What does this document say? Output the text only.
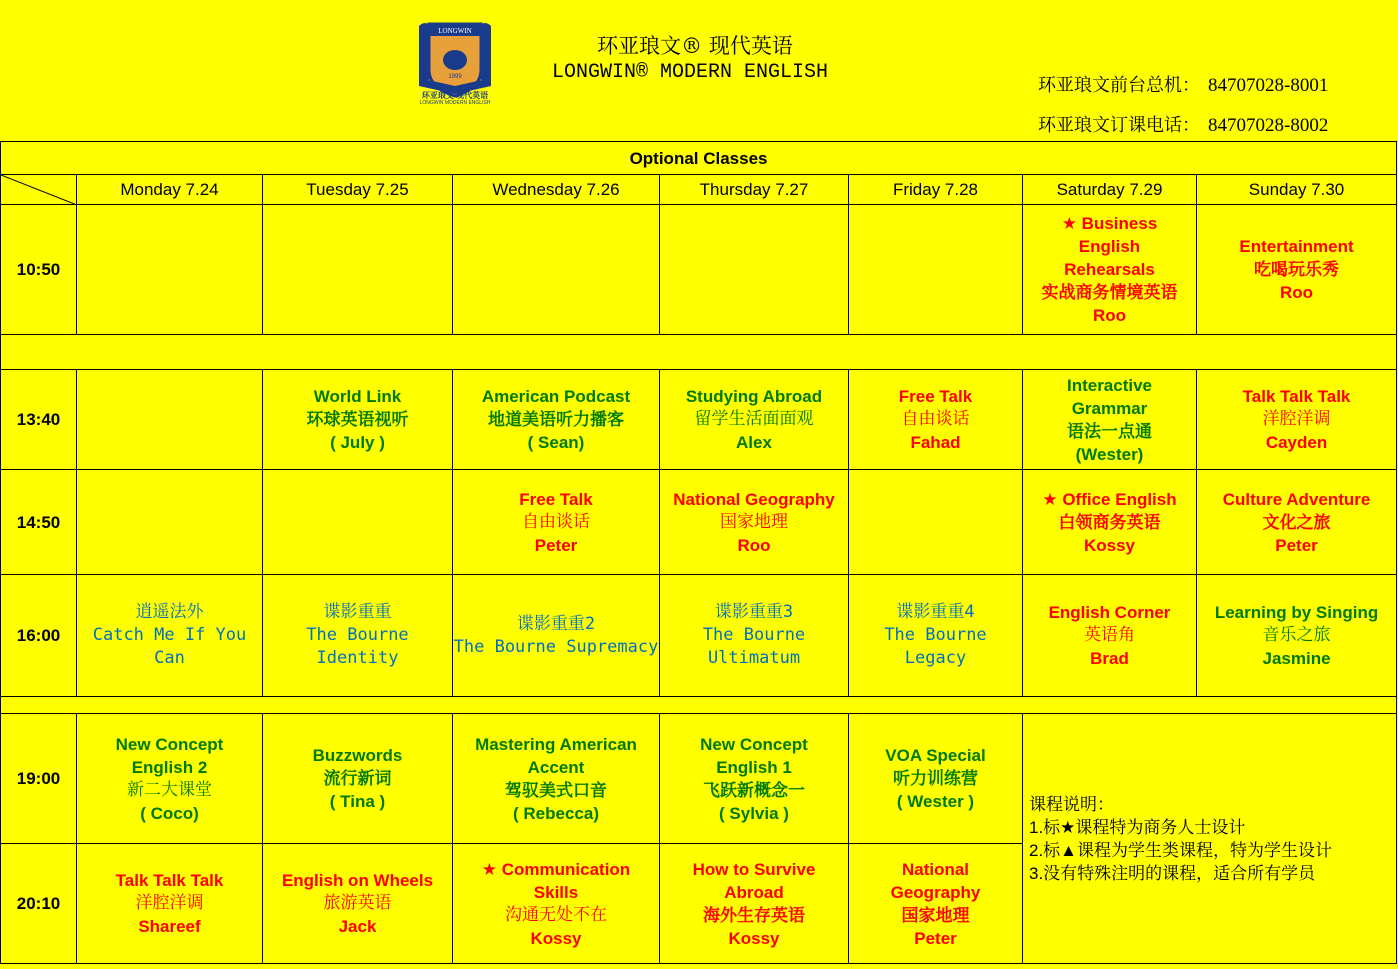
LONGWIN
1999
环亚琅文 现代英语
LONGWIN MODERN ENGLISH
环亚琅文® 现代英语
LONGWIN® MODERN ENGLISH
环亚琅文前台总机： 84707028-8001
环亚琅文订课电话： 84707028-8002
Optional Classes							

	Monday 7.24	Tuesday 7.25	Wednesday 7.26	Thursday 7.27	Friday 7.28	Saturday 7.29	Sunday 7.30
10:50						★ Business
English
Rehearsals
实战商务情境英语
Roo	Entertainment
吃喝玩乐秀
Roo

13:40		World Link
环球英语视听
( July )	American Podcast
地道美语听力播客
( Sean)	Studying Abroad
留学生活面面观
Alex	Free Talk
自由谈话
Fahad	Interactive
Grammar
语法一点通
(Wester)	Talk Talk Talk
洋腔洋调
Cayden

14:50			Free Talk
自由谈话
Peter	National Geography
国家地理
Roo		★ Office English
白领商务英语
Kossy	Culture Adventure
文化之旅
Peter

16:00	逍遥法外
Catch Me If You
Can	谍影重重
The Bourne
Identity	谍影重重2
The Bourne Supremacy	谍影重重3
The Bourne
Ultimatum	谍影重重4
The Bourne
Legacy	English Corner
英语角
Brad	Learning by Singing
音乐之旅
Jasmine

19:00	New Concept
English 2
新二大课堂
( Coco)	Buzzwords
流行新词
( Tina )	Mastering American
Accent
驾驭美式口音
( Rebecca)	New Concept
English 1
飞跃新概念一
( Sylvia )	VOA Special
听力训练营
( Wester )	课程说明：
1.标★课程特为商务人士设计
2.标▲课程为学生类课程，特为学生设计
3.没有特殊注明的课程，适合所有学员	

20:10	Talk Talk Talk
洋腔洋调
Shareef	English on Wheels
旅游英语
Jack	★ Communication
Skills
沟通无处不在
Kossy	How to Survive
Abroad
海外生存英语
Kossy	National
Geography
国家地理
Peter		
